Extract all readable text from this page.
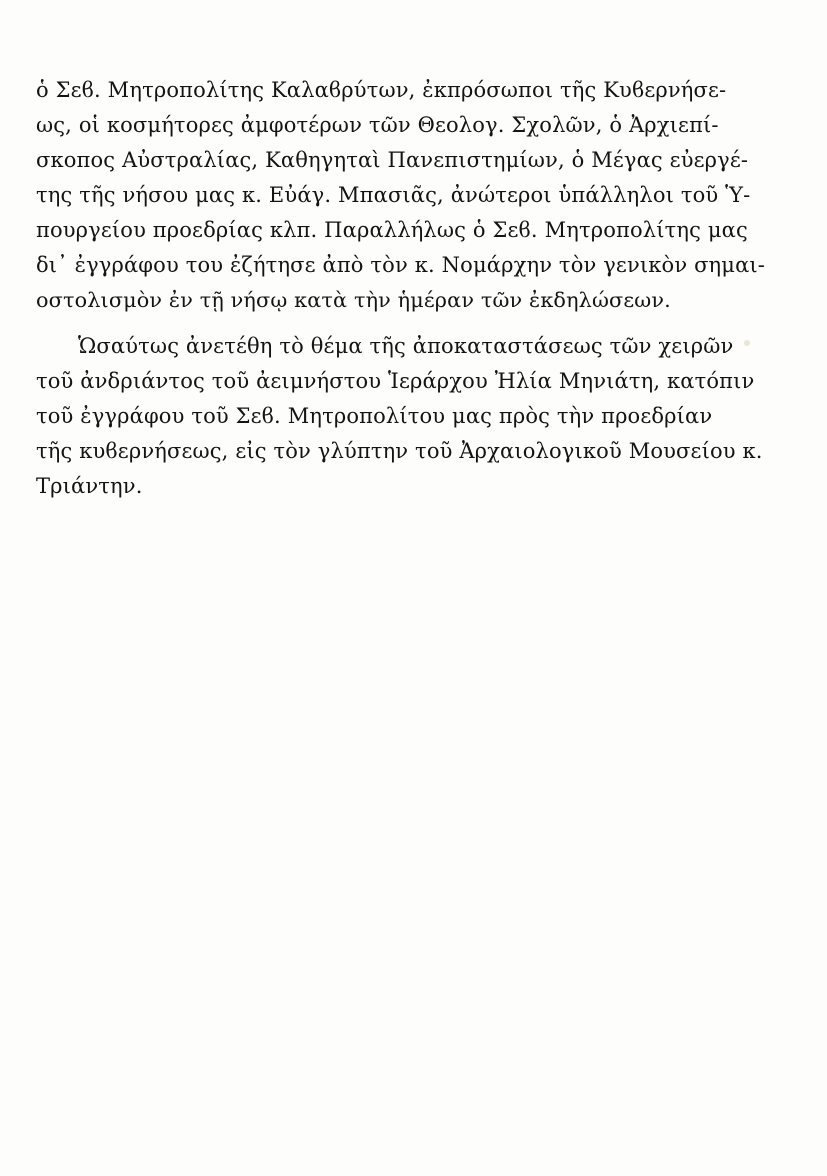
ὁ Σεϐ. Μητροπολίτης Καλαϐρύτων, ἐκπρόσωποι τῆς Κυϐερνήσε-
ως, οἱ κοσμήτορες ἀμφοτέρων τῶν Θεολογ. Σχολῶν, ὁ Ἀρχιεπί-
σκοπος Αὐστραλίας, Καθηγηταὶ Πανεπιστημίων, ὁ Μέγας εὐεργέ-
της τῆς νήσου μας κ. Εὐάγ. Μπασιᾶς, ἀνώτεροι ὑπάλληλοι τοῦ Ὑ-
πουργείου προεδρίας κλπ. Παραλλήλως ὁ Σεϐ. Μητροπολίτης μας
δι᾽ ἐγγράφου του ἐζήτησε ἀπὸ τὸν κ. Νομάρχην τὸν γενικὸν σημαι-
οστολισμὸν ἐν τῇ νήσῳ κατὰ τὴν ἡμέραν τῶν ἐκδηλώσεων.
Ὡσαύτως ἀνετέθη τὸ θέμα τῆς ἀποκαταστάσεως τῶν χειρῶν
τοῦ ἀνδριάντος τοῦ ἀειμνήστου Ἱεράρχου Ἠλία Μηνιάτη, κατόπιν
τοῦ ἐγγράφου τοῦ Σεϐ. Μητροπολίτου μας πρὸς τὴν προεδρίαν
τῆς κυϐερνήσεως, εἰς τὸν γλύπτην τοῦ Ἀρχαιολογικοῦ Μουσείου κ.
Τριάντην.
